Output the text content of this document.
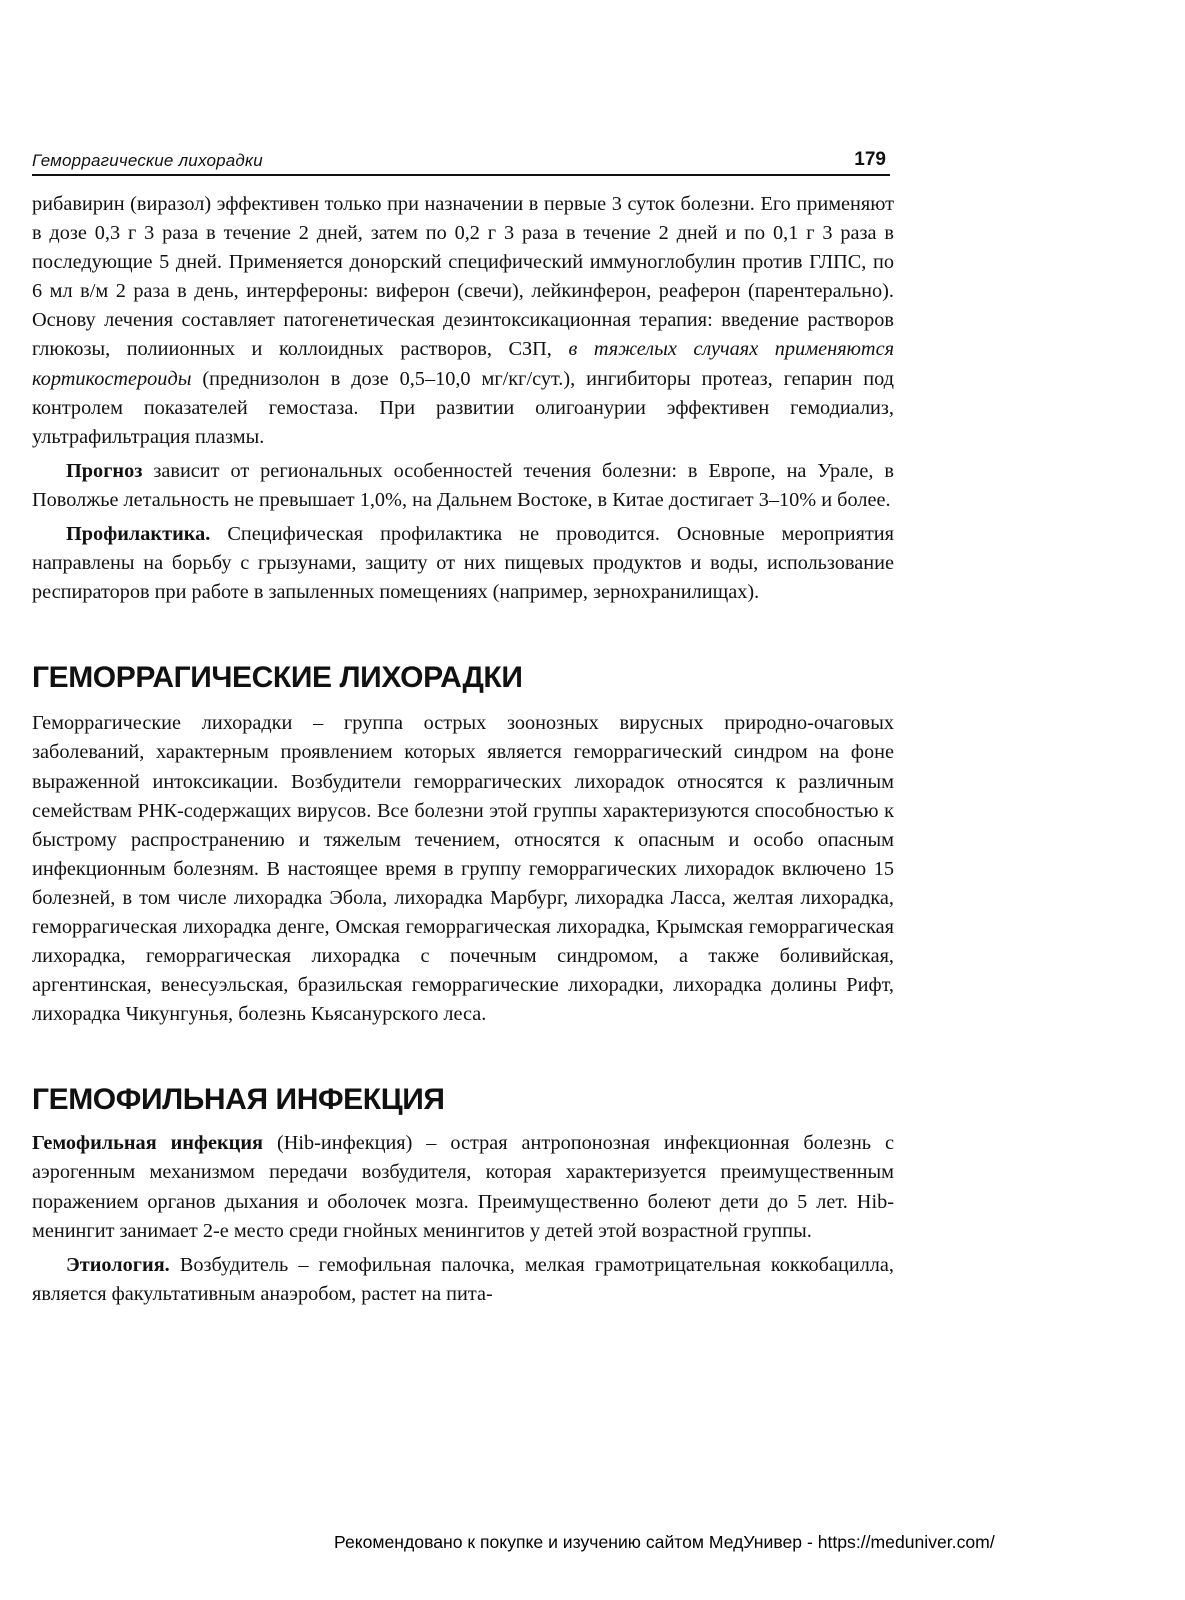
Геморрагические лихорадки	179

рибавирин (виразол) эффективен только при назначении в первые 3 суток болезни. Его применяют в дозе 0,3 г 3 раза в течение 2 дней, затем по 0,2 г 3 раза в течение 2 дней и по 0,1 г 3 раза в последующие 5 дней. Применяется донорский специфический иммуноглобулин против ГЛПС, по 6 мл в/м 2 раза в день, интерфероны: виферон (свечи), лейкинферон, реаферон (парентерально). Основу лечения составляет патогенетическая дезинтоксикационная терапия: введение растворов глюкозы, полиионных и коллоидных растворов, СЗП, в тяжелых случаях применяются кортикостероиды (преднизолон в дозе 0,5–10,0 мг/кг/сут.), ингибиторы протеаз, гепарин под контролем показателей гемостаза. При развитии олигоанурии эффективен гемодиализ, ультрафильтрация плазмы.

Прогноз зависит от региональных особенностей течения болезни: в Европе, на Урале, в Поволжье летальность не превышает 1,0%, на Дальнем Востоке, в Китае достигает 3–10% и более.

Профилактика. Специфическая профилактика не проводится. Основные мероприятия направлены на борьбу с грызунами, защиту от них пищевых продуктов и воды, использование респираторов при работе в запыленных помещениях (например, зернохранилищах).

ГЕМОРРАГИЧЕСКИЕ ЛИХОРАДКИ

Геморрагические лихорадки – группа острых зоонозных вирусных природно-очаговых заболеваний, характерным проявлением которых является геморрагический синдром на фоне выраженной интоксикации. Возбудители геморрагических лихорадок относятся к различным семействам РНК-содержащих вирусов. Все болезни этой группы характеризуются способностью к быстрому распространению и тяжелым течением, относятся к опасным и особо опасным инфекционным болезням. В настоящее время в группу геморрагических лихорадок включено 15 болезней, в том числе лихорадка Эбола, лихорадка Марбург, лихорадка Ласса, желтая лихорадка, геморрагическая лихорадка денге, Омская геморрагическая лихорадка, Крымская геморрагическая лихорадка, геморрагическая лихорадка с почечным синдромом, а также боливийская, аргентинская, венесуэльская, бразильская геморрагические лихорадки, лихорадка долины Рифт, лихорадка Чикунгунья, болезнь Кьясанурского леса.

ГЕМОФИЛЬНАЯ ИНФЕКЦИЯ

Гемофильная инфекция (Hib-инфекция) – острая антропонозная инфекционная болезнь с аэрогенным механизмом передачи возбудителя, которая характеризуется преимущественным поражением органов дыхания и оболочек мозга. Преимущественно болеют дети до 5 лет. Hib-менингит занимает 2-е место среди гнойных менингитов у детей этой возрастной группы.

Этиология. Возбудитель – гемофильная палочка, мелкая грамотрицательная коккобацилла, является факультативным анаэробом, растет на пита-

Рекомендовано к покупке и изучению сайтом МедУнивер - https://meduniver.com/
